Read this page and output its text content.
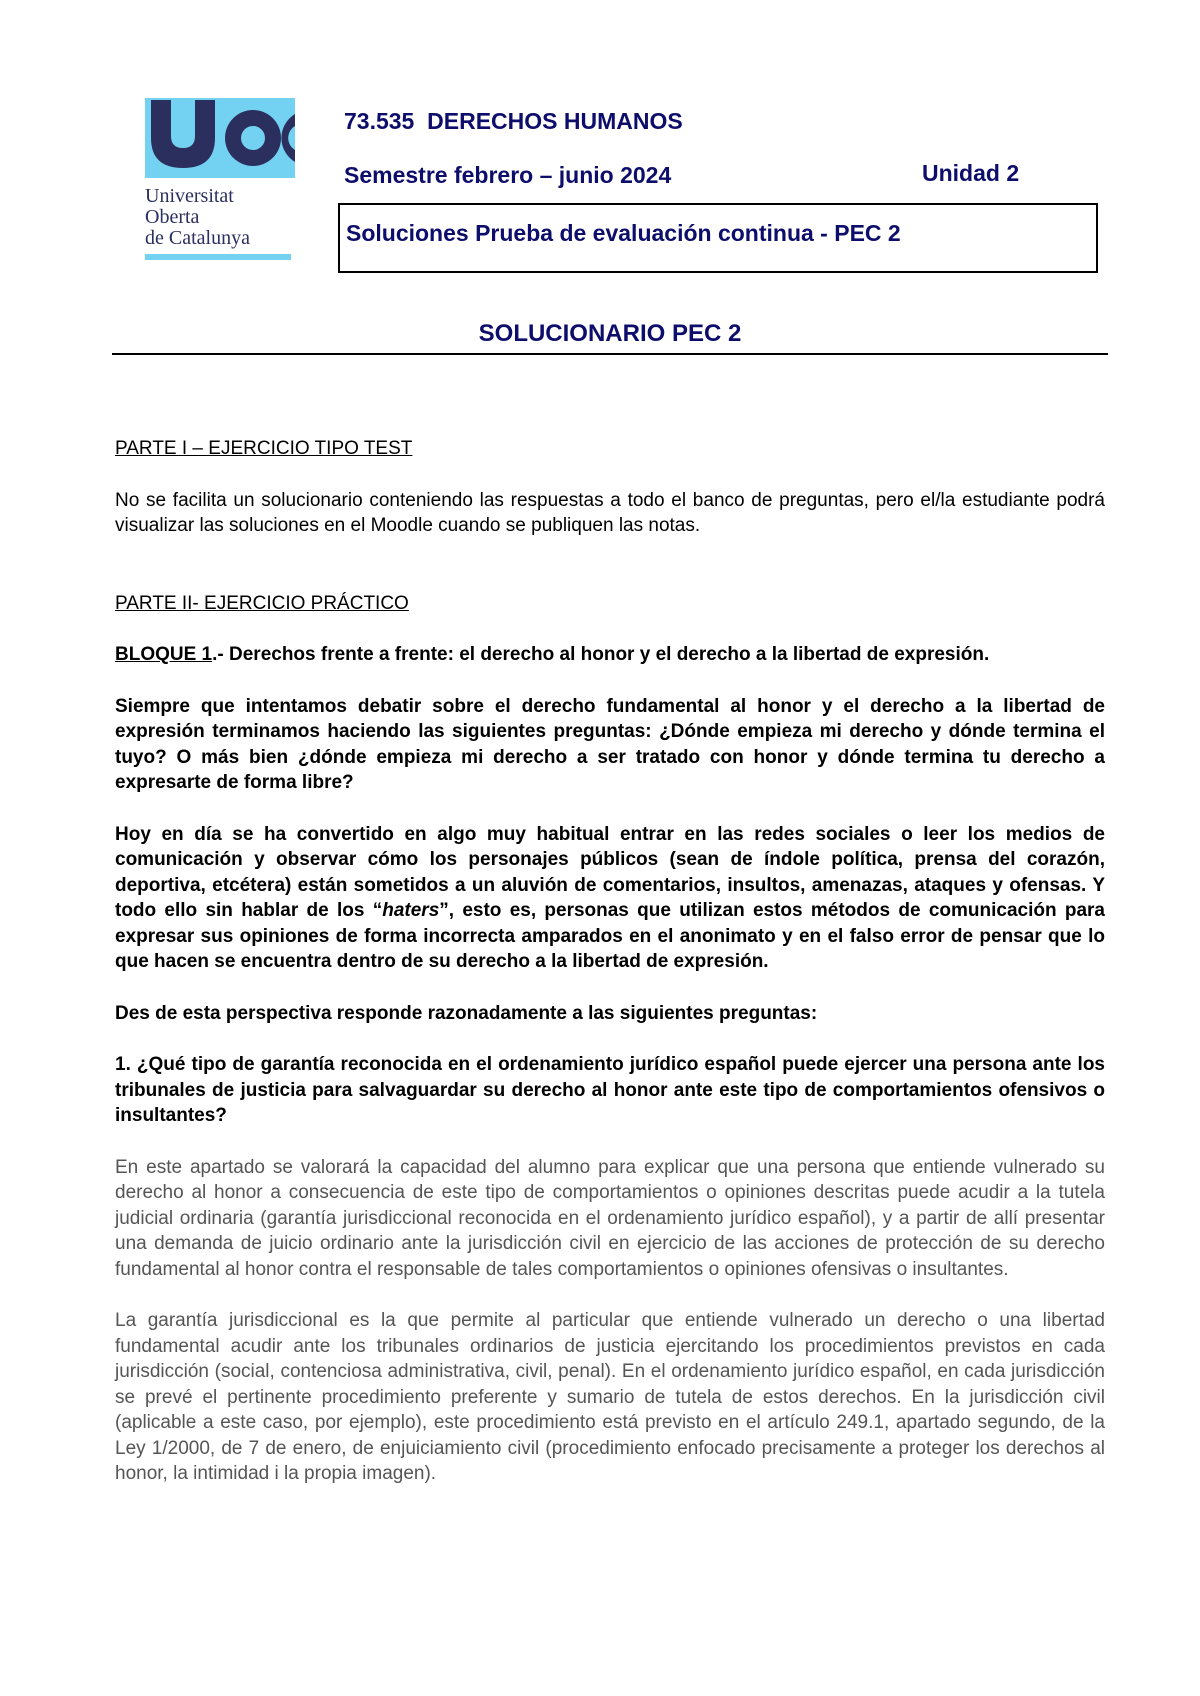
Universitat
Oberta
de Catalunya
73.535  DERECHOS HUMANOS
Semestre febrero – junio 2024	Unidad 2
Soluciones Prueba de evaluación continua - PEC 2
SOLUCIONARIO PEC 2

PARTE I – EJERCICIO TIPO TEST

No se facilita un solucionario conteniendo las respuestas a todo el banco de preguntas, pero el/la estudiante podrá visualizar las soluciones en el Moodle cuando se publiquen las notas.

PARTE II- EJERCICIO PRÁCTICO

BLOQUE 1.- Derechos frente a frente: el derecho al honor y el derecho a la libertad de expresión.

Siempre que intentamos debatir sobre el derecho fundamental al honor y el derecho a la libertad de expresión terminamos haciendo las siguientes preguntas: ¿Dónde empieza mi derecho y dónde termina el tuyo? O más bien ¿dónde empieza mi derecho a ser tratado con honor y dónde termina tu derecho a expresarte de forma libre?

Hoy en día se ha convertido en algo muy habitual entrar en las redes sociales o leer los medios de comunicación y observar cómo los personajes públicos (sean de índole política, prensa del corazón, deportiva, etcétera) están sometidos a un aluvión de comentarios, insultos, amenazas, ataques y ofensas. Y todo ello sin hablar de los “haters”, esto es, personas que utilizan estos métodos de comunicación para expresar sus opiniones de forma incorrecta amparados en el anonimato y en el falso error de pensar que lo que hacen se encuentra dentro de su derecho a la libertad de expresión.

Des de esta perspectiva responde razonadamente a las siguientes preguntas:

1. ¿Qué tipo de garantía reconocida en el ordenamiento jurídico español puede ejercer una persona ante los tribunales de justicia para salvaguardar su derecho al honor ante este tipo de comportamientos ofensivos o insultantes?

En este apartado se valorará la capacidad del alumno para explicar que una persona que entiende vulnerado su derecho al honor a consecuencia de este tipo de comportamientos o opiniones descritas puede acudir a la tutela judicial ordinaria (garantía jurisdiccional reconocida en el ordenamiento jurídico español), y a partir de allí presentar una demanda de juicio ordinario ante la jurisdicción civil en ejercicio de las acciones de protección de su derecho fundamental al honor contra el responsable de tales comportamientos o opiniones ofensivas o insultantes.

La garantía jurisdiccional es la que permite al particular que entiende vulnerado un derecho o una libertad fundamental acudir ante los tribunales ordinarios de justicia ejercitando los procedimientos previstos en cada jurisdicción (social, contenciosa administrativa, civil, penal). En el ordenamiento jurídico español, en cada jurisdicción se prevé el pertinente procedimiento preferente y sumario de tutela de estos derechos. En la jurisdicción civil (aplicable a este caso, por ejemplo), este procedimiento está previsto en el artículo 249.1, apartado segundo, de la Ley 1/2000, de 7 de enero, de enjuiciamiento civil (procedimiento enfocado precisamente a proteger los derechos al honor, la intimidad i la propia imagen).
